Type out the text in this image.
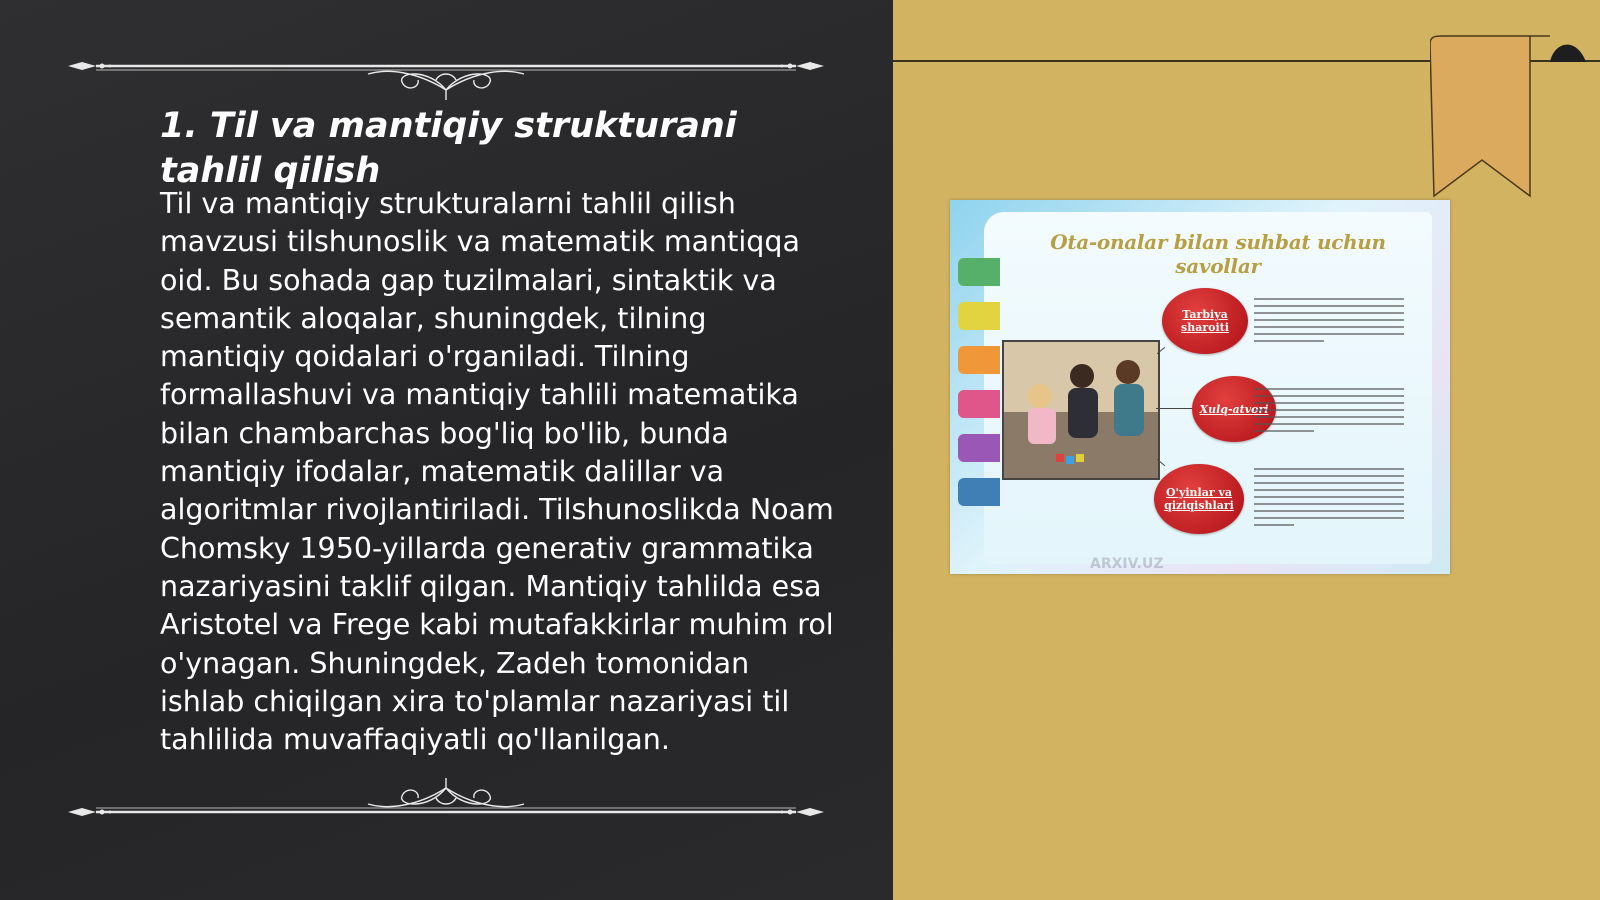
1. Til va mantiqiy strukturani tahlil qilish

Til va mantiqiy strukturalarni tahlil qilish mavzusi tilshunoslik va matematik mantiqqa oid. Bu sohada gap tuzilmalari, sintaktik va semantik aloqalar, shuningdek, tilning mantiqiy qoidalari o'rganiladi. Tilning formallashuvi va mantiqiy tahlili matematika bilan chambarchas bog'liq bo'lib, bunda mantiqiy ifodalar, matematik dalillar va algoritmlar rivojlantiriladi. Tilshunoslikda Noam Chomsky 1950-yillarda generativ grammatika nazariyasini taklif qilgan. Mantiqiy tahlilda esa Aristotel va Frege kabi mutafakkirlar muhim rol o'ynagan. Shuningdek, Zadeh tomonidan ishlab chiqilgan xira to'plamlar nazariyasi til tahlilida muvaffaqiyatli qo'llanilgan.

Ota-onalar bilan suhbat uchun savollar

Tarbiya sharoiti
Xulq-atvori
O'yinlar va qiziqishlari
ARXIV.UZ
